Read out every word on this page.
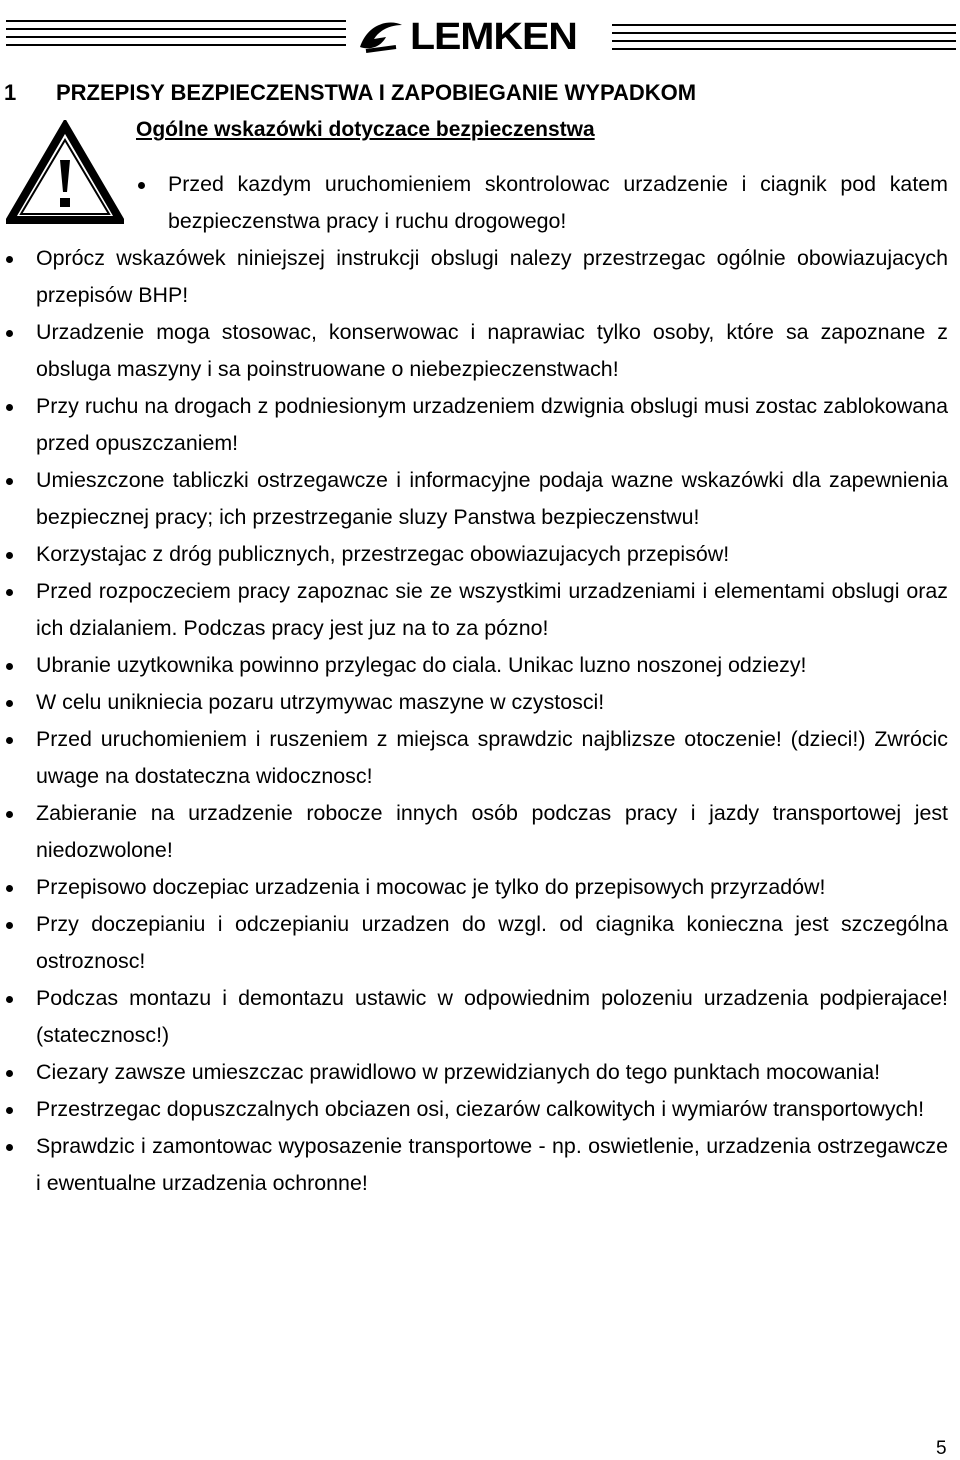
LEMKEN
1 PRZEPISY BEZPIECZENSTWA I ZAPOBIEGANIE WYPADKOM
Ogólne wskazówki dotyczace bezpieczenstwa
Przed kazdym uruchomieniem skontrolowac urzadzenie i ciagnik pod katem bezpieczenstwa pracy i ruchu drogowego!
Oprócz wskazówek niniejszej instrukcji obslugi nalezy przestrzegac ogólnie obowiazujacych przepisów BHP!
Urzadzenie moga stosowac, konserwowac i naprawiac tylko osoby, które sa zapoznane z obsluga maszyny i sa poinstruowane o niebezpieczenstwach!
Przy ruchu na drogach z podniesionym urzadzeniem dzwignia obslugi musi zostac zablokowana przed opuszczaniem!
Umieszczone tabliczki ostrzegawcze i informacyjne podaja wazne wskazówki dla zapewnienia bezpiecznej pracy; ich przestrzeganie sluzy Panstwa bezpieczenstwu!
Korzystajac z dróg publicznych, przestrzegac obowiazujacych przepisów!
Przed rozpoczeciem pracy zapoznac sie ze wszystkimi urzadzeniami i elementami obslugi oraz ich dzialaniem. Podczas pracy jest juz na to za pózno!
Ubranie uzytkownika powinno przylegac do ciala. Unikac luzno noszonej odziezy!
W celu unikniecia pozaru utrzymywac maszyne w czystosci!
Przed uruchomieniem i ruszeniem z miejsca sprawdzic najblizsze otoczenie! (dzieci!) Zwrócic uwage na dostateczna widocznosc!
Zabieranie na urzadzenie robocze innych osób podczas pracy i jazdy transportowej jest niedozwolone!
Przepisowo doczepiac urzadzenia i mocowac je tylko do przepisowych przyrzadów!
Przy doczepianiu i odczepianiu urzadzen do wzgl. od ciagnika konieczna jest szczególna ostroznosc!
Podczas montazu i demontazu ustawic w odpowiednim polozeniu urzadzenia podpierajace! (statecznosc!)
Ciezary zawsze umieszczac prawidlowo w przewidzianych do tego punktach mocowania!
Przestrzegac dopuszczalnych obciazen osi, ciezarów calkowitych i wymiarów transportowych!
Sprawdzic i zamontowac wyposazenie transportowe - np. oswietlenie, urzadzenia ostrzegawcze i ewentualne urzadzenia ochronne!
5
